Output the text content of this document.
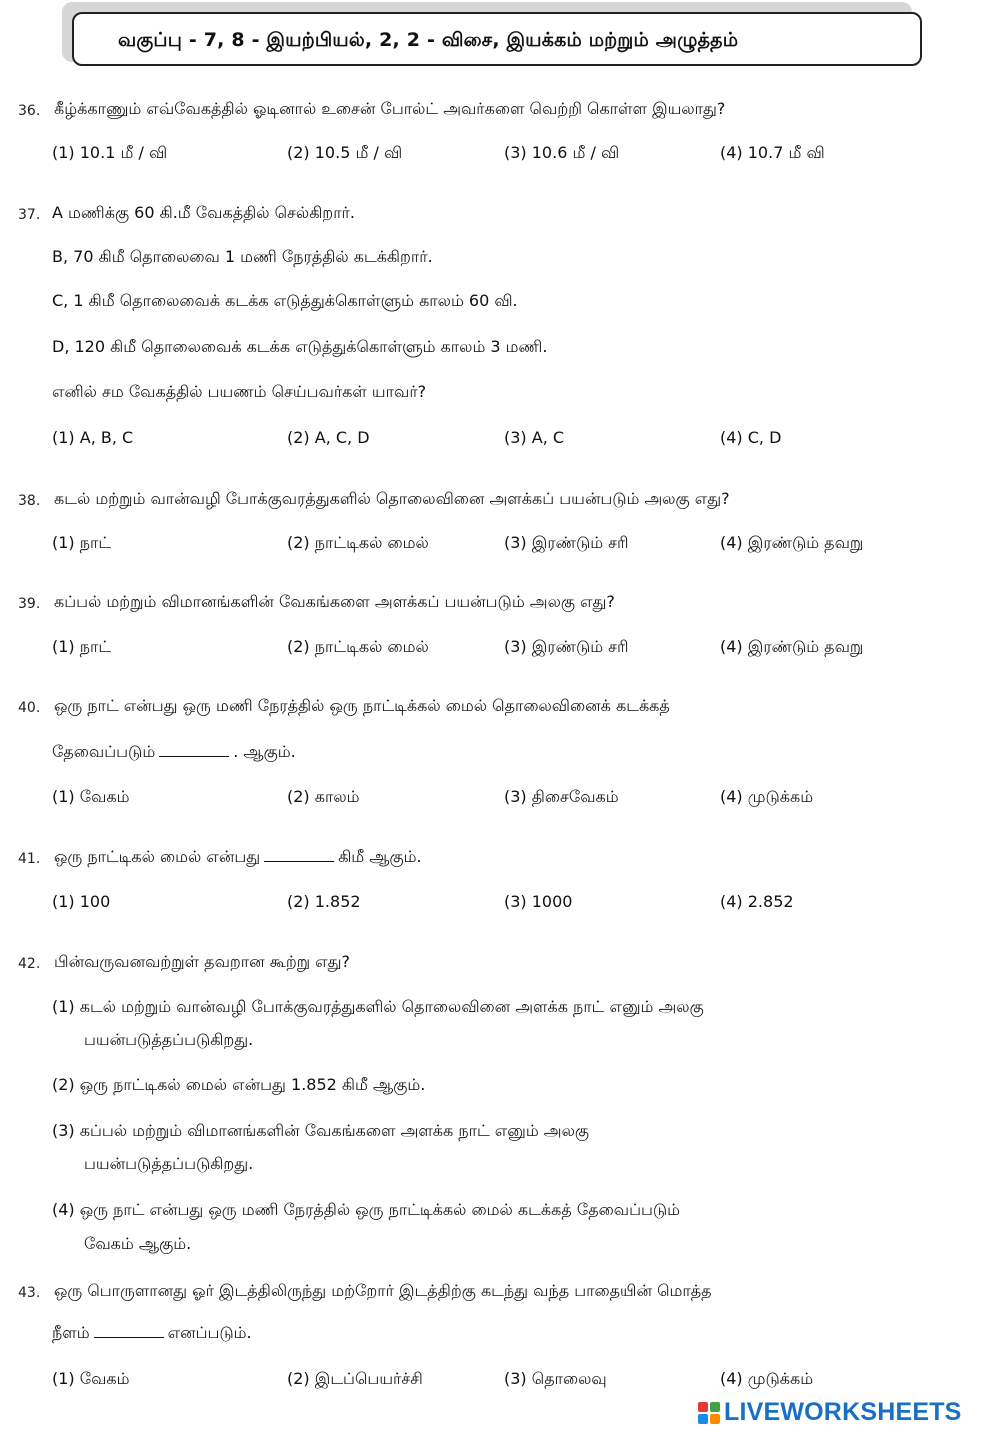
வகுப்பு - 7, 8 - இயற்பியல், 2, 2 - விசை, இயக்கம் மற்றும் அழுத்தம்
36. கீழ்க்காணும் எவ்வேகத்தில் ஓடினால் உசைன் போல்ட் அவர்களை வெற்றி கொள்ள இயலாது?
(1) 10.1 மீ / வி	(2) 10.5 மீ / வி	(3) 10.6 மீ / வி	(4) 10.7 மீ வி
37. A மணிக்கு 60 கி.மீ வேகத்தில் செல்கிறார்.
B, 70 கிமீ தொலைவை 1 மணி நேரத்தில் கடக்கிறார்.
C, 1 கிமீ தொலைவைக் கடக்க எடுத்துக்கொள்ளும் காலம் 60 வி.
D, 120 கிமீ தொலைவைக் கடக்க எடுத்துக்கொள்ளும் காலம் 3 மணி.
எனில் சம வேகத்தில் பயணம் செய்பவர்கள் யாவர்?
(1) A, B, C	(2) A, C, D	(3) A, C	(4) C, D
38. கடல் மற்றும் வான்வழி போக்குவரத்துகளில் தொலைவினை அளக்கப் பயன்படும் அலகு எது?
(1) நாட்	(2) நாட்டிகல் மைல்	(3) இரண்டும் சரி	(4) இரண்டும் தவறு
39. கப்பல் மற்றும் விமானங்களின் வேகங்களை அளக்கப் பயன்படும் அலகு எது?
(1) நாட்	(2) நாட்டிகல் மைல்	(3) இரண்டும் சரி	(4) இரண்டும் தவறு
40. ஒரு நாட் என்பது ஒரு மணி நேரத்தில் ஒரு நாட்டிக்கல் மைல் தொலைவினைக் கடக்கத்
தேவைப்படும்	. ஆகும்.
(1) வேகம்	(2) காலம்	(3) திசைவேகம்	(4) முடுக்கம்
41. ஒரு நாட்டிகல் மைல் என்பது	கிமீ ஆகும்.
(1) 100	(2) 1.852	(3) 1000	(4) 2.852
42. பின்வருவனவற்றுள் தவறான கூற்று எது?
(1) கடல் மற்றும் வான்வழி போக்குவரத்துகளில் தொலைவினை அளக்க நாட் எனும் அலகு
பயன்படுத்தப்படுகிறது.
(2) ஒரு நாட்டிகல் மைல் என்பது 1.852 கிமீ ஆகும்.
(3) கப்பல் மற்றும் விமானங்களின் வேகங்களை அளக்க நாட் எனும் அலகு
பயன்படுத்தப்படுகிறது.
(4) ஒரு நாட் என்பது ஒரு மணி நேரத்தில் ஒரு நாட்டிக்கல் மைல் கடக்கத் தேவைப்படும்
வேகம் ஆகும்.
43. ஒரு பொருளானது ஓர் இடத்திலிருந்து மற்றோர் இடத்திற்கு கடந்து வந்த பாதையின் மொத்த
நீளம்	எனப்படும்.
(1) வேகம்	(2) இடப்பெயர்ச்சி	(3) தொலைவு	(4) முடுக்கம்
LIVEWORKSHEETS
